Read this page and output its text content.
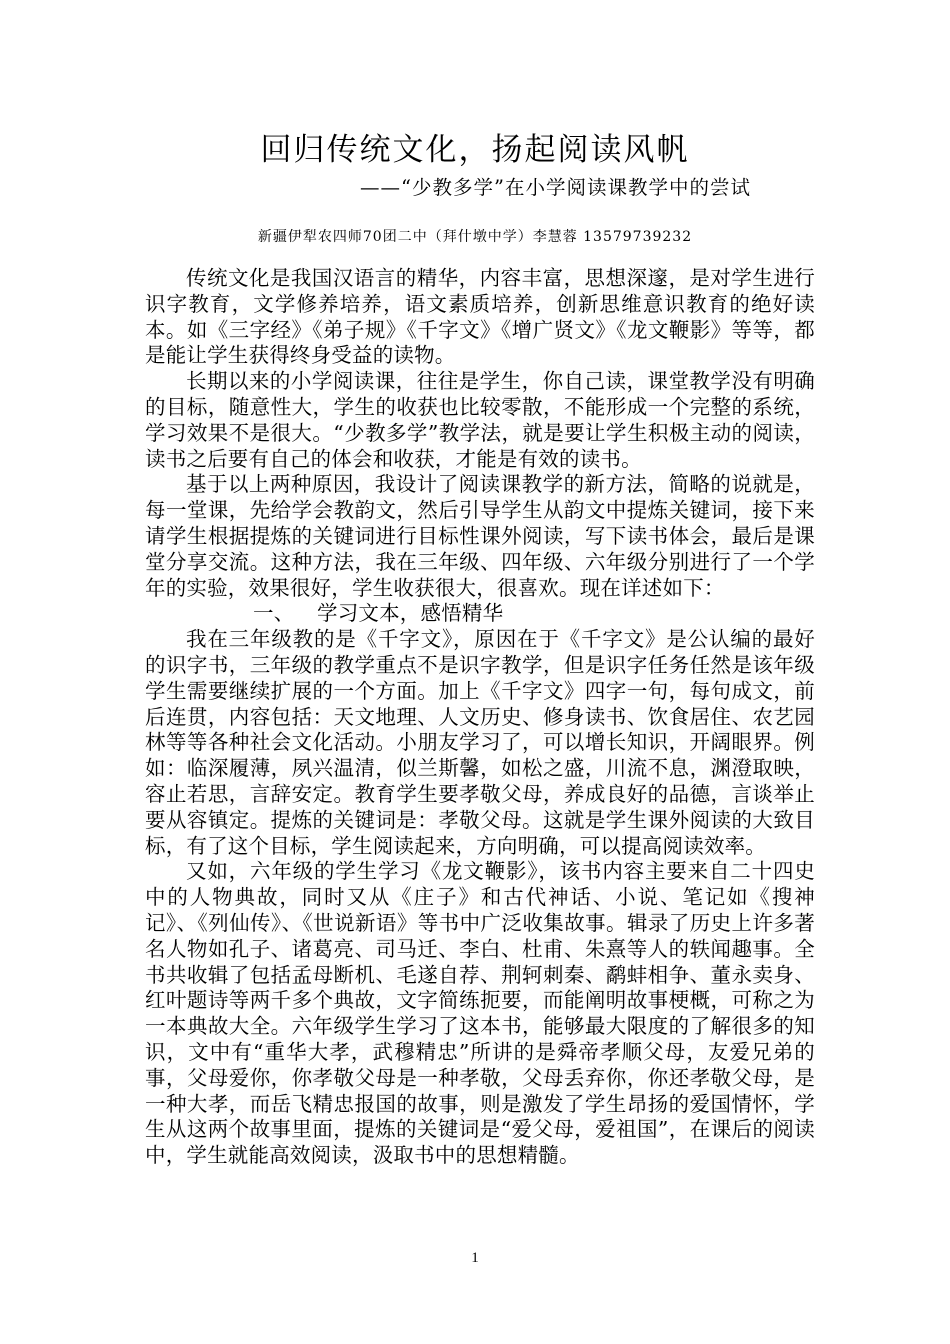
回归传统文化，扬起阅读风帆
——“少教多学”在小学阅读课教学中的尝试
新疆伊犁农四师70团二中（拜什墩中学）李慧蓉 13579739232

传统文化是我国汉语言的精华，内容丰富，思想深邃，是对学生进行识字教育，文学修养培养，语文素质培养，创新思维意识教育的绝好读本。如《三字经》《弟子规》《千字文》《增广贤文》《龙文鞭影》等等，都是能让学生获得终身受益的读物。

长期以来的小学阅读课，往往是学生，你自己读，课堂教学没有明确的目标，随意性大，学生的收获也比较零散，不能形成一个完整的系统，学习效果不是很大。“少教多学”教学法，就是要让学生积极主动的阅读，读书之后要有自己的体会和收获，才能是有效的读书。

基于以上两种原因，我设计了阅读课教学的新方法，简略的说就是，每一堂课，先给学会教韵文，然后引导学生从韵文中提炼关键词，接下来请学生根据提炼的关键词进行目标性课外阅读，写下读书体会，最后是课堂分享交流。这种方法，我在三年级、四年级、六年级分别进行了一个学年的实验，效果很好，学生收获很大，很喜欢。现在详述如下：

一、 学习文本，感悟精华

我在三年级教的是《千字文》，原因在于《千字文》是公认编的最好的识字书，三年级的教学重点不是识字教学，但是识字任务任然是该年级学生需要继续扩展的一个方面。加上《千字文》四字一句，每句成文，前后连贯，内容包括：天文地理、人文历史、修身读书、饮食居住、农艺园林等等各种社会文化活动。小朋友学习了，可以增长知识，开阔眼界。例如：临深履薄，夙兴温清，似兰斯馨，如松之盛，川流不息，渊澄取映，容止若思，言辞安定。教育学生要孝敬父母，养成良好的品德，言谈举止要从容镇定。提炼的关键词是：孝敬父母。这就是学生课外阅读的大致目标，有了这个目标，学生阅读起来，方向明确，可以提高阅读效率。

又如，六年级的学生学习《龙文鞭影》，该书内容主要来自二十四史中的人物典故，同时又从《庄子》和古代神话、小说、笔记如《搜神记》、《列仙传》、《世说新语》等书中广泛收集故事。辑录了历史上许多著名人物如孔子、诸葛亮、司马迁、李白、杜甫、朱熹等人的轶闻趣事。全书共收辑了包括孟母断机、毛遂自荐、荆轲刺秦、鹬蚌相争、董永卖身、红叶题诗等两千多个典故，文字简练扼要，而能阐明故事梗概，可称之为一本典故大全。六年级学生学习了这本书，能够最大限度的了解很多的知识，文中有“重华大孝，武穆精忠”所讲的是舜帝孝顺父母，友爱兄弟的事，父母爱你，你孝敬父母是一种孝敬，父母丢弃你，你还孝敬父母，是一种大孝，而岳飞精忠报国的故事，则是激发了学生昂扬的爱国情怀，学生从这两个故事里面，提炼的关键词是“爱父母，爱祖国”，在课后的阅读中，学生就能高效阅读，汲取书中的思想精髓。

1
